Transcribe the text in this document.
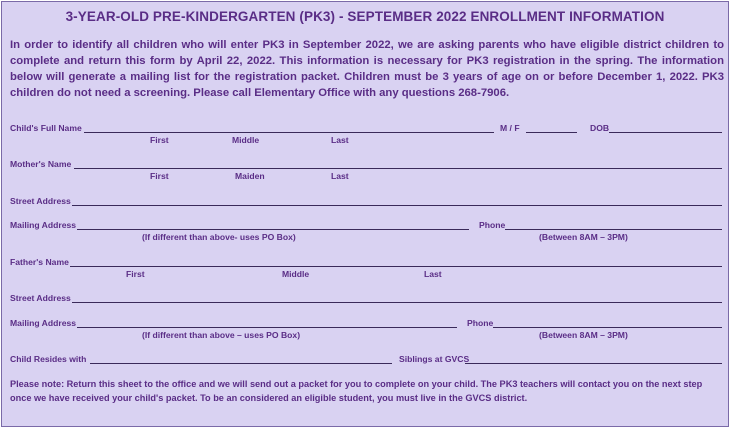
3-YEAR-OLD PRE-KINDERGARTEN (PK3) - SEPTEMBER 2022 ENROLLMENT INFORMATION
In order to identify all children who will enter PK3 in September 2022, we are asking parents who have eligible district children to complete and return this form by April 22, 2022. This information is necessary for PK3 registration in the spring. The information below will generate a mailing list for the registration packet. Children must be 3 years of age on or before December 1, 2022. PK3 children do not need a screening. Please call Elementary Office with any questions 268-7906.
Child's Full Name	M / F	DOB
First	Middle	Last
Mother's Name
First	Maiden	Last
Street Address
Mailing Address	Phone
(If different than above- uses PO Box)	(Between 8AM – 3PM)
Father's Name
First	Middle	Last
Street Address
Mailing Address	Phone
(If different than above – uses PO Box)	(Between 8AM – 3PM)
Child Resides with	Siblings at GVCS
Please note: Return this sheet to the office and we will send out a packet for you to complete on your child. The PK3 teachers will contact you on the next step once we have received your child's packet. To be an considered an eligible student, you must live in the GVCS district.
